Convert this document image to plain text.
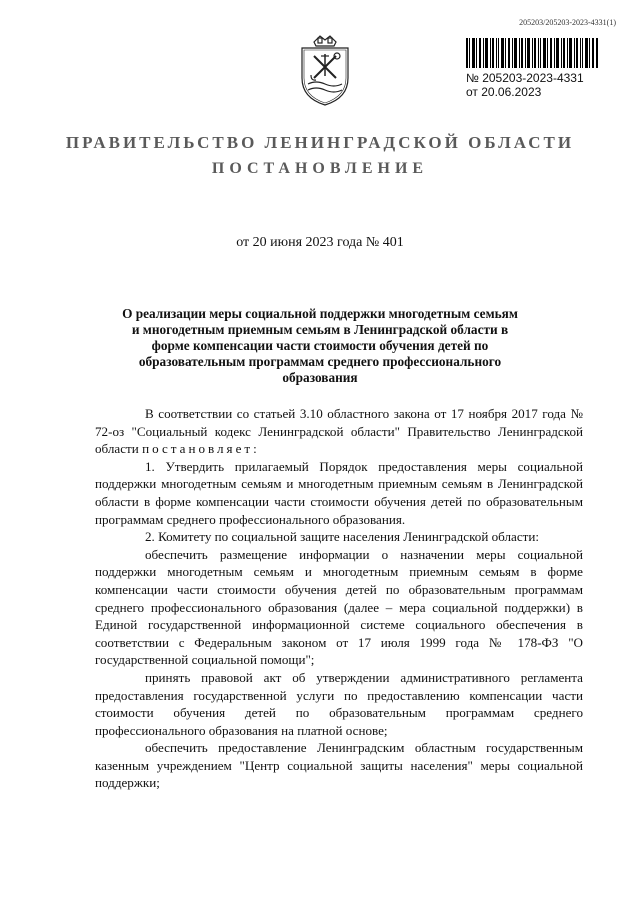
205203/205203-2023-4331(1)
№ 205203-2023-4331
от 20.06.2023
ПРАВИТЕЛЬСТВО ЛЕНИНГРАДСКОЙ ОБЛАСТИ
ПОСТАНОВЛЕНИЕ
от 20 июня 2023 года № 401
О реализации меры социальной поддержки многодетным семьям и многодетным приемным семьям в Ленинградской области в форме компенсации части стоимости обучения детей по образовательным программам среднего профессионального образования

В соответствии со статьей 3.10 областного закона от 17 ноября 2017 года № 72-оз "Социальный кодекс Ленинградской области" Правительство Ленинградской области постановляет:

1. Утвердить прилагаемый Порядок предоставления меры социальной поддержки многодетным семьям и многодетным приемным семьям в Ленинградской области в форме компенсации части стоимости обучения детей по образовательным программам среднего профессионального образования.

2. Комитету по социальной защите населения Ленинградской области:

обеспечить размещение информации о назначении меры социальной поддержки многодетным семьям и многодетным приемным семьям в форме компенсации части стоимости обучения детей по образовательным программам среднего профессионального образования (далее – мера социальной поддержки) в Единой государственной информационной системе социального обеспечения в соответствии с Федеральным законом от 17 июля 1999 года № 178-ФЗ "О государственной социальной помощи";

принять правовой акт об утверждении административного регламента предоставления государственной услуги по предоставлению компенсации части стоимости обучения детей по образовательным программам среднего профессионального образования на платной основе;

обеспечить предоставление Ленинградским областным государственным казенным учреждением "Центр социальной защиты населения" меры социальной поддержки;
